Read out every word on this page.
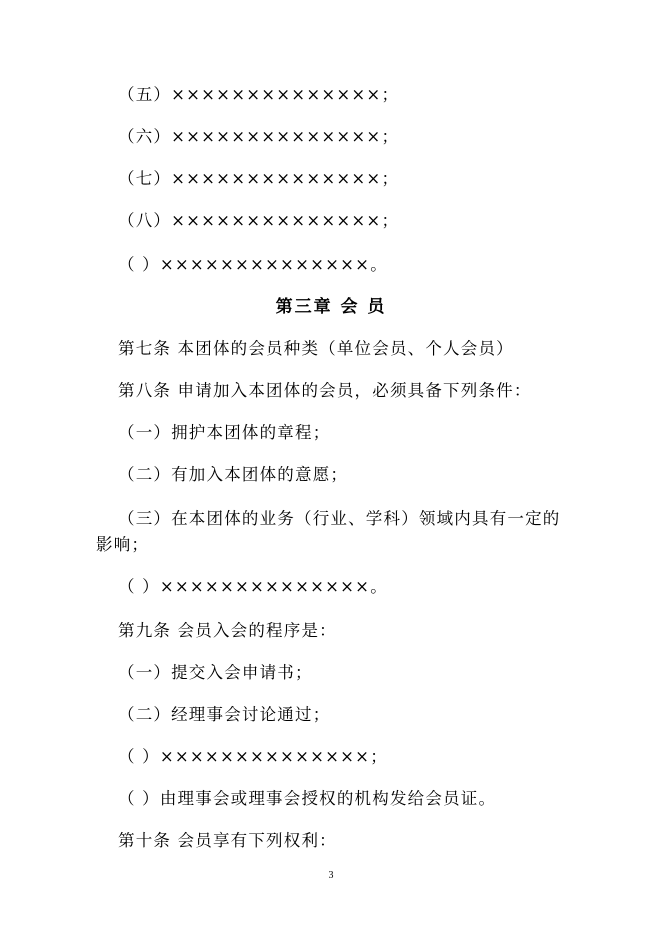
（五）××××××××××××××；
（六）××××××××××××××；
（七）××××××××××××××；
（八）××××××××××××××；
（ ）××××××××××××××。
第三章 会 员
第七条 本团体的会员种类（单位会员、个人会员）
第八条 申请加入本团体的会员，必须具备下列条件：
（一）拥护本团体的章程；
（二）有加入本团体的意愿；
（三）在本团体的业务（行业、学科）领域内具有一定的
影响；
（ ）××××××××××××××。
第九条 会员入会的程序是：
（一）提交入会申请书；
（二）经理事会讨论通过；
（ ）××××××××××××××；
（ ）由理事会或理事会授权的机构发给会员证。
第十条 会员享有下列权利：
3
